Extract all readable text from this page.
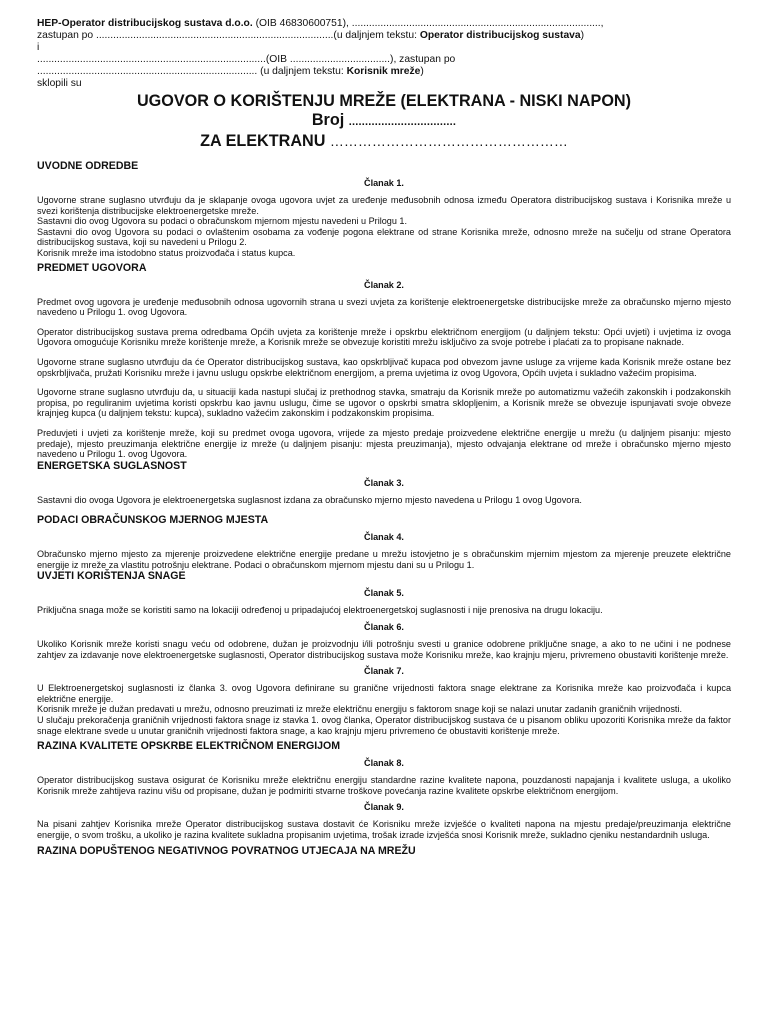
HEP-Operator distribucijskog sustava d.o.o. (OIB 46830600751), .......................................................................................,

zastupan po ...................................................................................(u daljnjem tekstu: Operator distribucijskog sustava)

i

................................................................................(OIB ...................................), zastupan po

............................................................................. (u daljnjem tekstu: Korisnik mreže)

sklopili su

UGOVOR O KORIŠTENJU MREŽE (ELEKTRANA - NISKI NAPON)

Broj .................................

ZA ELEKTRANU ……………………………………………

UVODNE ODREDBE

Članak 1.

Ugovorne strane suglasno utvrđuju da je sklapanje ovoga ugovora uvjet za uređenje međusobnih odnosa između Operatora distribucijskog sustava i Korisnika mreže u svezi korištenja distribucijske elektroenergetske mreže.

Sastavni dio ovog Ugovora su podaci o obračunskom mjernom mjestu navedeni u Prilogu 1.

Sastavni dio ovog Ugovora su podaci o ovlaštenim osobama za vođenje pogona elektrane od strane Korisnika mreže, odnosno mreže na sučelju od strane Operatora distribucijskog sustava, koji su navedeni u Prilogu 2.

Korisnik mreže ima istodobno status proizvođača i status kupca.

PREDMET UGOVORA

Članak 2.

Predmet ovog ugovora je uređenje međusobnih odnosa ugovornih strana u svezi uvjeta za korištenje elektroenergetske distribucijske mreže za obračunsko mjerno mjesto navedeno u Prilogu 1. ovog Ugovora.

Operator distribucijskog sustava prema odredbama Općih uvjeta za korištenje mreže i opskrbu električnom energijom (u daljnjem tekstu: Opći uvjeti) i uvjetima iz ovoga Ugovora omogućuje Korisniku mreže korištenje mreže, a Korisnik mreže se obvezuje koristiti mrežu isključivo za svoje potrebe i plaćati za to propisane naknade.

Ugovorne strane suglasno utvrđuju da će Operator distribucijskog sustava, kao opskrbljivač kupaca pod obvezom javne usluge za vrijeme kada Korisnik mreže ostane bez opskrbljivača, pružati Korisniku mreže i javnu uslugu opskrbe električnom energijom, a prema uvjetima iz ovog Ugovora, Općih uvjeta i sukladno važećim propisima.

Ugovorne strane suglasno utvrđuju da, u situaciji kada nastupi slučaj iz prethodnog stavka, smatraju da Korisnik mreže po automatizmu važećih zakonskih i podzakonskih propisa, po reguliranim uvjetima koristi opskrbu kao javnu uslugu, čime se ugovor o opskrbi smatra sklopljenim, a Korisnik mreže se obvezuje ispunjavati svoje obveze krajnjeg kupca (u daljnjem tekstu: kupca), sukladno važećim zakonskim i podzakonskim propisima.

Preduvjeti i uvjeti za korištenje mreže, koji su predmet ovoga ugovora, vrijede za mjesto predaje proizvedene električne energije u mrežu (u daljnjem pisanju: mjesto predaje), mjesto preuzimanja električne energije iz mreže (u daljnjem pisanju: mjesta preuzimanja), mjesto odvajanja elektrane od mreže i obračunsko mjerno mjesto navedeno u Prilogu 1. ovog Ugovora.

ENERGETSKA SUGLASNOST

Članak 3.

Sastavni dio ovoga Ugovora je elektroenergetska suglasnost izdana za obračunsko mjerno mjesto navedena u Prilogu 1 ovog Ugovora.

PODACI OBRAČUNSKOG MJERNOG MJESTA

Članak 4.

Obračunsko mjerno mjesto za mjerenje proizvedene električne energije predane u mrežu istovjetno je s obračunskim mjernim mjestom za mjerenje preuzete električne energije iz mreže za vlastitu potrošnju elektrane. Podaci o obračunskom mjernom mjestu dani su u Prilogu 1.

UVJETI KORIŠTENJA SNAGE

Članak 5.

Priključna snaga može se koristiti samo na lokaciji određenoj u pripadajućoj elektroenergetskoj suglasnosti i nije prenosiva na drugu lokaciju.

Članak 6.

Ukoliko Korisnik mreže koristi snagu veću od odobrene, dužan je proizvodnju i/ili potrošnju svesti u granice odobrene priključne snage, a ako to ne učini i ne podnese zahtjev za izdavanje nove elektroenergetske suglasnosti, Operator distribucijskog sustava može Korisniku mreže, kao krajnju mjeru, privremeno obustaviti korištenje mreže.

Članak 7.

U Elektroenergetskoj suglasnosti iz članka 3. ovog Ugovora definirane su granične vrijednosti faktora snage elektrane za Korisnika mreže kao proizvođača i kupca električne energije.

Korisnik mreže je dužan predavati u mrežu, odnosno preuzimati iz mreže električnu energiju s faktorom snage koji se nalazi unutar zadanih graničnih vrijednosti.

U slučaju prekoračenja graničnih vrijednosti faktora snage iz stavka 1. ovog članka, Operator distribucijskog sustava će u pisanom obliku upozoriti Korisnika mreže da faktor snage elektrane svede u unutar graničnih vrijednosti faktora snage, a kao krajnju mjeru privremeno će obustaviti korištenje mreže.

RAZINA KVALITETE OPSKRBE ELEKTRIČNOM ENERGIJOM

Članak 8.

Operator distribucijskog sustava osigurat će Korisniku mreže električnu energiju standardne razine kvalitete napona, pouzdanosti napajanja i kvalitete usluga, a ukoliko Korisnik mreže zahtijeva razinu višu od propisane, dužan je podmiriti stvarne troškove povećanja razine kvalitete opskrbe električnom energijom.

Članak 9.

Na pisani zahtjev Korisnika mreže Operator distribucijskog sustava dostavit će Korisniku mreže izvješće o kvaliteti napona na mjestu predaje/preuzimanja električne energije, o svom trošku, a ukoliko je razina kvalitete sukladna propisanim uvjetima, trošak izrade izvješća snosi Korisnik mreže, sukladno cjeniku nestandardnih usluga.

RAZINA DOPUŠTENOG NEGATIVNOG POVRATNOG UTJECAJA NA MREŽU
